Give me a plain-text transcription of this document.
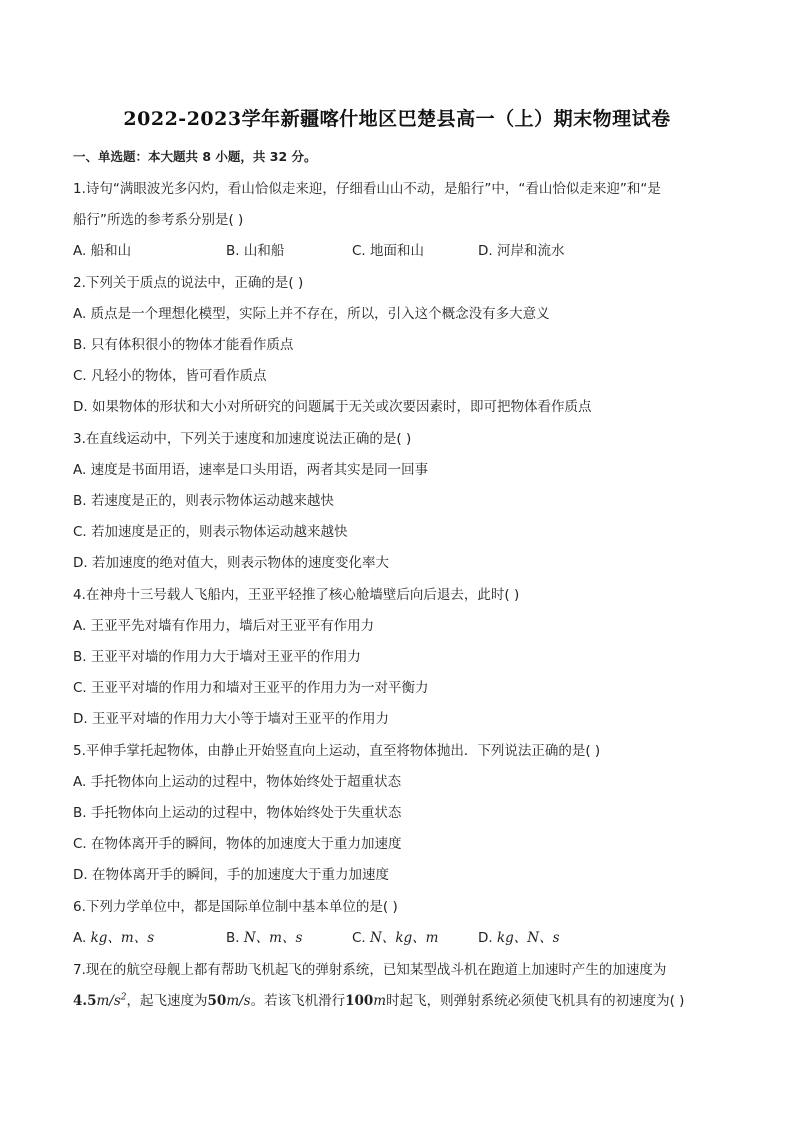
2022-2023学年新疆喀什地区巴楚县高一（上）期末物理试卷
一、单选题：本大题共 8 小题，共 32 分。
1.诗句“满眼波光多闪灼，看山恰似走来迎，仔细看山山不动，是船行”中，“看山恰似走来迎”和“是
船行”所选的参考系分别是( )
A. 船和山	B. 山和船	C. 地面和山	D. 河岸和流水
2.下列关于质点的说法中，正确的是( )
A. 质点是一个理想化模型，实际上并不存在，所以，引入这个概念没有多大意义
B. 只有体积很小的物体才能看作质点
C. 凡轻小的物体，皆可看作质点
D. 如果物体的形状和大小对所研究的问题属于无关或次要因素时，即可把物体看作质点
3.在直线运动中，下列关于速度和加速度说法正确的是( )
A. 速度是书面用语，速率是口头用语，两者其实是同一回事
B. 若速度是正的，则表示物体运动越来越快
C. 若加速度是正的，则表示物体运动越来越快
D. 若加速度的绝对值大，则表示物体的速度变化率大
4.在神舟十三号载人飞船内，王亚平轻推了核心舱墙壁后向后退去，此时( )
A. 王亚平先对墙有作用力，墙后对王亚平有作用力
B. 王亚平对墙的作用力大于墙对王亚平的作用力
C. 王亚平对墙的作用力和墙对王亚平的作用力为一对平衡力
D. 王亚平对墙的作用力大小等于墙对王亚平的作用力
5.平伸手掌托起物体，由静止开始竖直向上运动，直至将物体抛出．下列说法正确的是( )
A. 手托物体向上运动的过程中，物体始终处于超重状态
B. 手托物体向上运动的过程中，物体始终处于失重状态
C. 在物体离开手的瞬间，物体的加速度大于重力加速度
D. 在物体离开手的瞬间，手的加速度大于重力加速度
6.下列力学单位中，都是国际单位制中基本单位的是( )
A. kg、m、s	B. N、m、s	C. N、kg、m	D. kg、N、s
7.现在的航空母舰上都有帮助飞机起飞的弹射系统，已知某型战斗机在跑道上加速时产生的加速度为
$4.5m/s^2$，起飞速度为50m/s。若该飞机滑行100m时起飞，则弹射系统必须使飞机具有的初速度为( )
